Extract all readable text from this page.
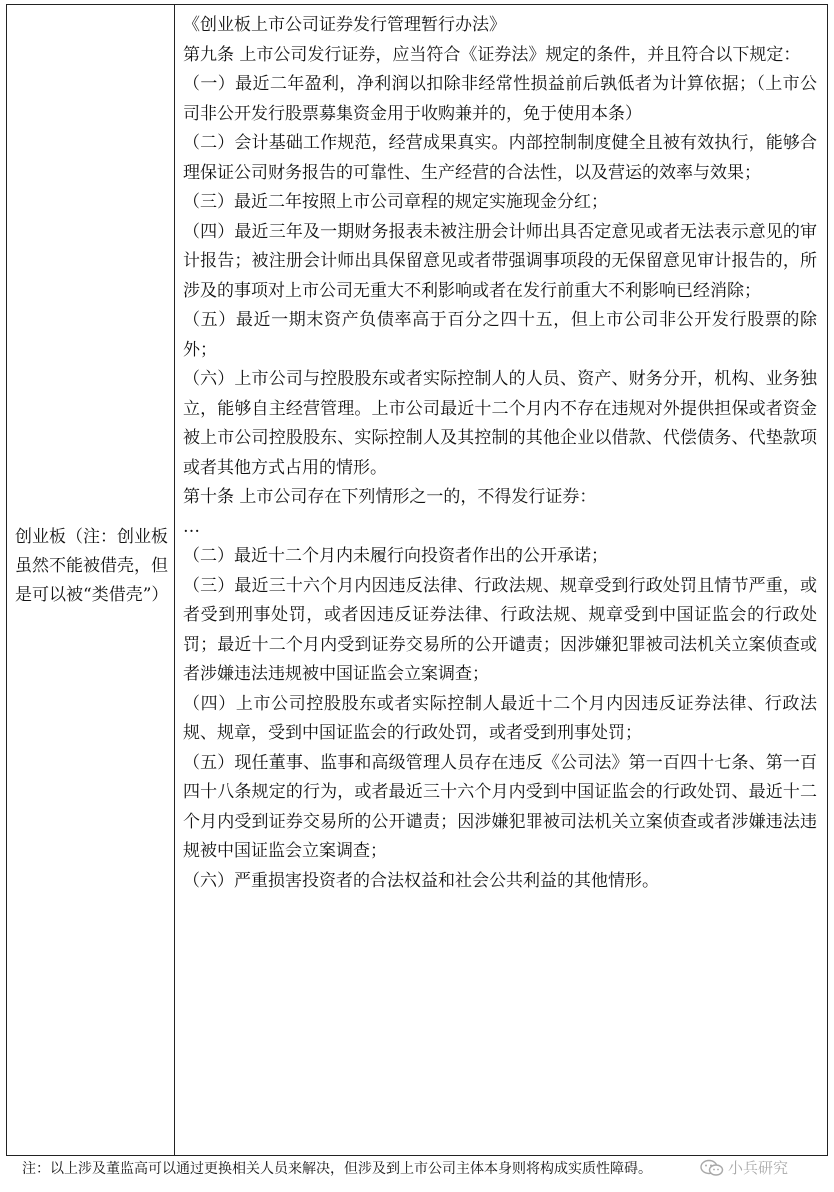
创业板（注：创业板虽然不能被借壳，但是可以被“类借壳”）

《创业板上市公司证券发行管理暂行办法》

第九条 上市公司发行证券，应当符合《证券法》规定的条件，并且符合以下规定：

（一）最近二年盈利，净利润以扣除非经常性损益前后孰低者为计算依据；（上市公司非公开发行股票募集资金用于收购兼并的，免于使用本条）

（二）会计基础工作规范，经营成果真实。内部控制制度健全且被有效执行，能够合理保证公司财务报告的可靠性、生产经营的合法性，以及营运的效率与效果；

（三）最近二年按照上市公司章程的规定实施现金分红；

（四）最近三年及一期财务报表未被注册会计师出具否定意见或者无法表示意见的审计报告；被注册会计师出具保留意见或者带强调事项段的无保留意见审计报告的，所涉及的事项对上市公司无重大不利影响或者在发行前重大不利影响已经消除；

（五）最近一期末资产负债率高于百分之四十五，但上市公司非公开发行股票的除外；

（六）上市公司与控股股东或者实际控制人的人员、资产、财务分开，机构、业务独立，能够自主经营管理。上市公司最近十二个月内不存在违规对外提供担保或者资金被上市公司控股股东、实际控制人及其控制的其他企业以借款、代偿债务、代垫款项或者其他方式占用的情形。

第十条 上市公司存在下列情形之一的，不得发行证券：

…

（二）最近十二个月内未履行向投资者作出的公开承诺；

（三）最近三十六个月内因违反法律、行政法规、规章受到行政处罚且情节严重，或者受到刑事处罚，或者因违反证券法律、行政法规、规章受到中国证监会的行政处罚；最近十二个月内受到证券交易所的公开谴责；因涉嫌犯罪被司法机关立案侦查或者涉嫌违法违规被中国证监会立案调查；

（四）上市公司控股股东或者实际控制人最近十二个月内因违反证券法律、行政法规、规章，受到中国证监会的行政处罚，或者受到刑事处罚；

（五）现任董事、监事和高级管理人员存在违反《公司法》第一百四十七条、第一百四十八条规定的行为，或者最近三十六个月内受到中国证监会的行政处罚、最近十二个月内受到证券交易所的公开谴责；因涉嫌犯罪被司法机关立案侦查或者涉嫌违法违规被中国证监会立案调查；

（六）严重损害投资者的合法权益和社会公共利益的其他情形。

注：以上涉及董监高可以通过更换相关人员来解决，但涉及到上市公司主体本身则将构成实质性障碍。	小兵研究
